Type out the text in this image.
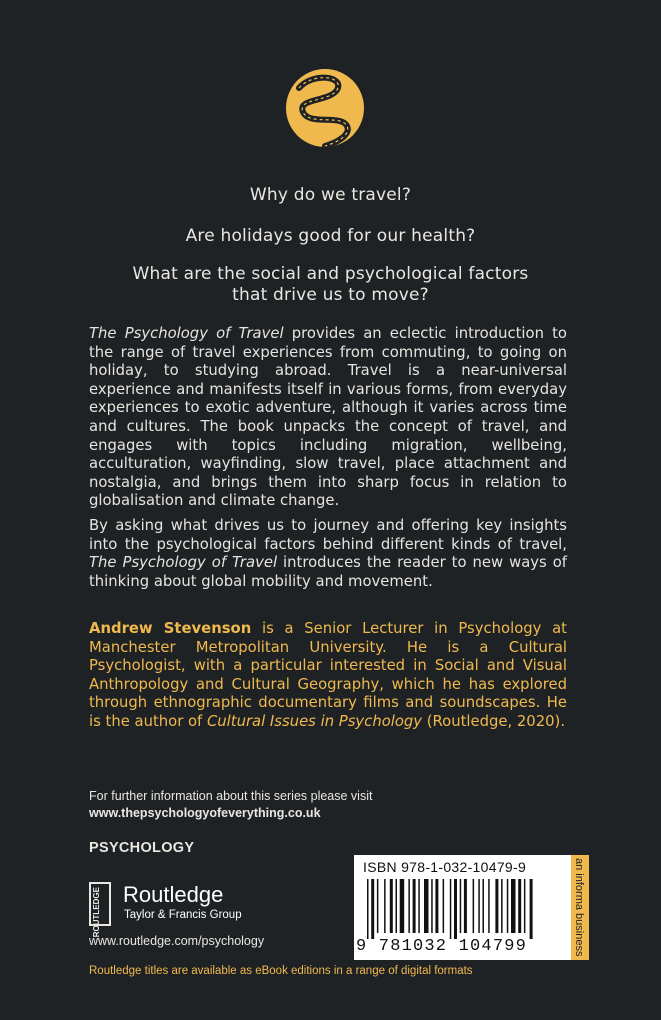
Why do we travel?
Are holidays good for our health?
What are the social and psychological factors
that drive us to move?
The Psychology of Travel provides an eclectic introduction to the range of travel experiences from commuting, to going on holiday, to studying abroad. Travel is a near-universal experience and manifests itself in various forms, from everyday experiences to exotic adventure, although it varies across time and cultures. The book unpacks the concept of travel, and engages with topics including migration, wellbeing, acculturation, wayfinding, slow travel, place attachment and nostalgia, and brings them into sharp focus in relation to globalisation and climate change.
By asking what drives us to journey and offering key insights into the psychological factors behind different kinds of travel, The Psychology of Travel introduces the reader to new ways of thinking about global mobility and movement.
Andrew Stevenson is a Senior Lecturer in Psychology at Manchester Metropolitan University. He is a Cultural Psychologist, with a particular interested in Social and Visual Anthropology and Cultural Geography, which he has explored through ethnographic documentary films and soundscapes. He is the author of Cultural Issues in Psychology (Routledge, 2020).
For further information about this series please visit
www.thepsychologyofeverything.co.uk
PSYCHOLOGY
ROUTLEDGE Routledge
Taylor & Francis Group
www.routledge.com/psychology
Routledge titles are available as eBook editions in a range of digital formats
ISBN 978-1-032-10479-9
9 781032 104799	an informa business
